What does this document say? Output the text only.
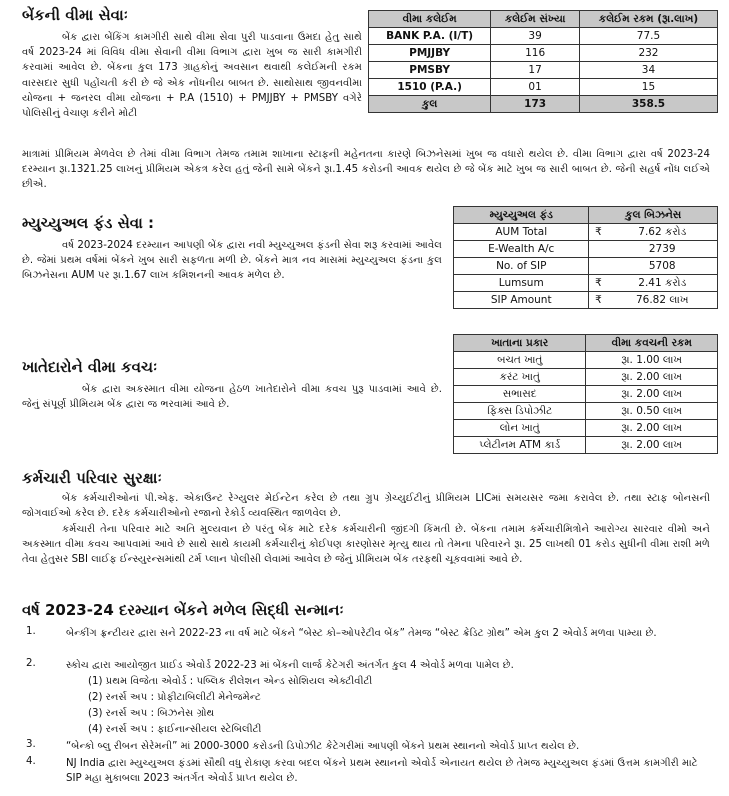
બેંકની વીમા સેવાઃ
બેંક દ્વારા બેંકિંગ કામગીરી સાથે વીમા સેવા પુરી પાડવાના ઉમદા હેતુ સાથે વર્ષ 2023-24 માં વિવિધ વીમા સેવાની વીમા વિભાગ દ્વારા ખુબ જ સારી કામગીરી કરવામાં આવેલ છે. બેંકના કુલ 173 ગ્રાહકોનું અવસાન થવાથી કલેઈમની રકમ વારસદાર સુધી પહોંચતી કરી છે જે એક નોંધનીય બાબત છે. સાથોસાથ જીવનવીમા યોજના + જનરલ વીમા યોજના + P.A (1510) + PMJJBY + PMSBY વગેરે પોલિસીનું વેચાણ કરીને મોટી
વીમા કલેઈમ	કલેઈમ સંખ્યા	કલેઈમ રકમ (રૂા.લાખ)
BANK P.A. (I/T)	39	77.5
PMJJBY	116	232
PMSBY	17	34
1510 (P.A.)	01	15
કુલ	173	358.5
માત્રામાં પ્રીમિયમ મેળવેલ છે તેમાં વીમા વિભાગ તેમજ તમામ શાખાના સ્ટાફની મહેનતના કારણે બિઝનેસમાં ખુબ જ વધારો થયેલ છે. વીમા વિભાગ દ્વારા વર્ષ 2023-24 દરમ્યાન રૂા.1321.25 લાખનું પ્રીમિયમ એકત્ર કરેલ હતું જેની સામે બેંકને રૂા.1.45 કરોડની આવક થયેલ છે જે બેંક માટે ખુબ જ સારી બાબત છે. જેની સહર્ષ નોંધ લઈએ છીએ.
મ્યુચ્યુઅલ ફંડ સેવા :
વર્ષ 2023-2024 દરમ્યાન આપણી બેંક દ્વારા નવી મ્યુચ્યુઅલ ફંડની સેવા શરૂ કરવામાં આવેલ છે. જેમાં પ્રથમ વર્ષમાં બેંકને ખુબ સારી સફળતા મળી છે. બેંકને માત્ર નવ માસમાં મ્યુચ્યુઅલ ફંડના કુલ બિઝનેસના AUM પર રૂા.1.67 લાખ કમિશનની આવક મળેલ છે.
મ્યુચ્યુઅલ ફંડ	કુલ બિઝનેસ	
AUM Total	₹	7.62 કરોડ
E-Wealth A/c		2739
No. of SIP		5708
Lumsum	₹	2.41 કરોડ
SIP Amount	₹	76.82 લાખ
ખાતેદારોને વીમા કવચઃ
બેંક દ્વારા અકસ્માત વીમા યોજના હેઠળ ખાતેદારોને વીમા કવચ પુરૂ પાડવામાં આવે છે. જેનું સંપૂર્ણ પ્રીમિયમ બેંક દ્વારા જ ભરવામાં આવે છે.
ખાતાના પ્રકાર	વીમા કવચની રકમ
બચત ખાતું	રૂા. 1.00 લાખ
કરંટ ખાતું	રૂા. 2.00 લાખ
સભાસદ	રૂા. 2.00 લાખ
ફિક્સ ડિપોઝીટ	રૂા. 0.50 લાખ
લોન ખાતું	રૂા. 2.00 લાખ
પ્લેટીનમ ATM કાર્ડ	રૂા. 2.00 લાખ
કર્મચારી પરિવાર સુરક્ષાઃ
બેંક કર્મચારીઓનાં પી.એફ. એકાઉન્ટ રેગ્યુલર મેઈન્ટેન કરેલ છે તથા ગ્રુપ ગ્રેચ્યુઈટીનું પ્રીમિયમ LICમાં સમયસર જમા કરાવેલ છે. તથા સ્ટાફ બોનસની જોગવાઈઓ કરેલ છે. દરેક કર્મચારીઓનો રજાનો રેકોર્ડ વ્યવસ્થિત જાળવેલ છે.
કર્મચારી તેના પરિવાર માટે અતિ મુલ્યવાન છે પરંતુ બેંક માટે દરેક કર્મચારીની જીંદગી કિંમતી છે. બેંકના તમામ કર્મચારીમિત્રોને આરોગ્ય સારવાર વીમો અને અકસ્માત વીમા કવચ આપવામાં આવે છે સાથે સાથે કાયમી કર્મચારીનું કોઈપણ કારણોસર મૃત્યુ થાય તો તેમના પરિવારને રૂા. 25 લાખથી 01 કરોડ સુધીની વીમા રાશી મળે તેવા હેતુસર SBI લાઈફ ઈન્સ્યુરન્સમાંથી ટર્મ પ્લાન પોલીસી લેવામાં આવેલ છે જેનું પ્રીમિયમ બેંક તરફથી ચૂકવવામાં આવે છે.
વર્ષ 2023-24 દરમ્યાન બેંકને મળેલ સિદ્ધી સન્માનઃ
1.	બેન્કીંગ ફ્રન્ટીયર દ્વારા સને 2022-23 ના વર્ષ માટે બેંકને “બેસ્ટ કો–ઓપરેટીવ બેંક” તેમજ “બેસ્ટ ક્રેડિટ ગ્રોથ” એમ કુલ 2 એવોર્ડ મળવા પામ્યા છે.
2.	સ્કોચ દ્વારા આયોજીત પ્રાઈડ એવોર્ડ 2022-23 માં બેંકની લાર્જ કેટેગરી અંતર્ગત કુલ 4 એવોર્ડ મળવા પામેલ છે.
(1) પ્રથમ વિજેતા એવોર્ડ : પબ્લિક રીલેશન એન્ડ સોશિયલ એક્ટીવીટી
(2) રનર્સ અપ : પ્રોફીટાબિલીટી મેનેજમેન્ટ
(3) રનર્સ અપ : બિઝનેસ ગ્રોથ
(4) રનર્સ અપ : ફાઈનાન્સીયલ સ્ટેબિલીટી
3.	“બેન્કો બ્લુ રીબન સેરેમની” માં 2000-3000 કરોડની ડિપોઝીટ કેટેગરીમાં આપણી બેંકને પ્રથમ સ્થાનનો એવોર્ડ પ્રાપ્ત થયેલ છે.
4.	NJ India દ્વારા મ્યુચ્યુઅલ ફંડમાં સૌથી વધુ રોકાણ કરવા બદલ બેંકને પ્રથમ સ્થાનનો એવોર્ડ એનાયત થયેલ છે તેમજ મ્યુચ્યુઅલ ફંડમાં ઉત્તમ કામગીરી માટે SIP મહા મુકાબલા 2023 અંતર્ગત એવોર્ડ પ્રાપ્ત થયેલ છે.
